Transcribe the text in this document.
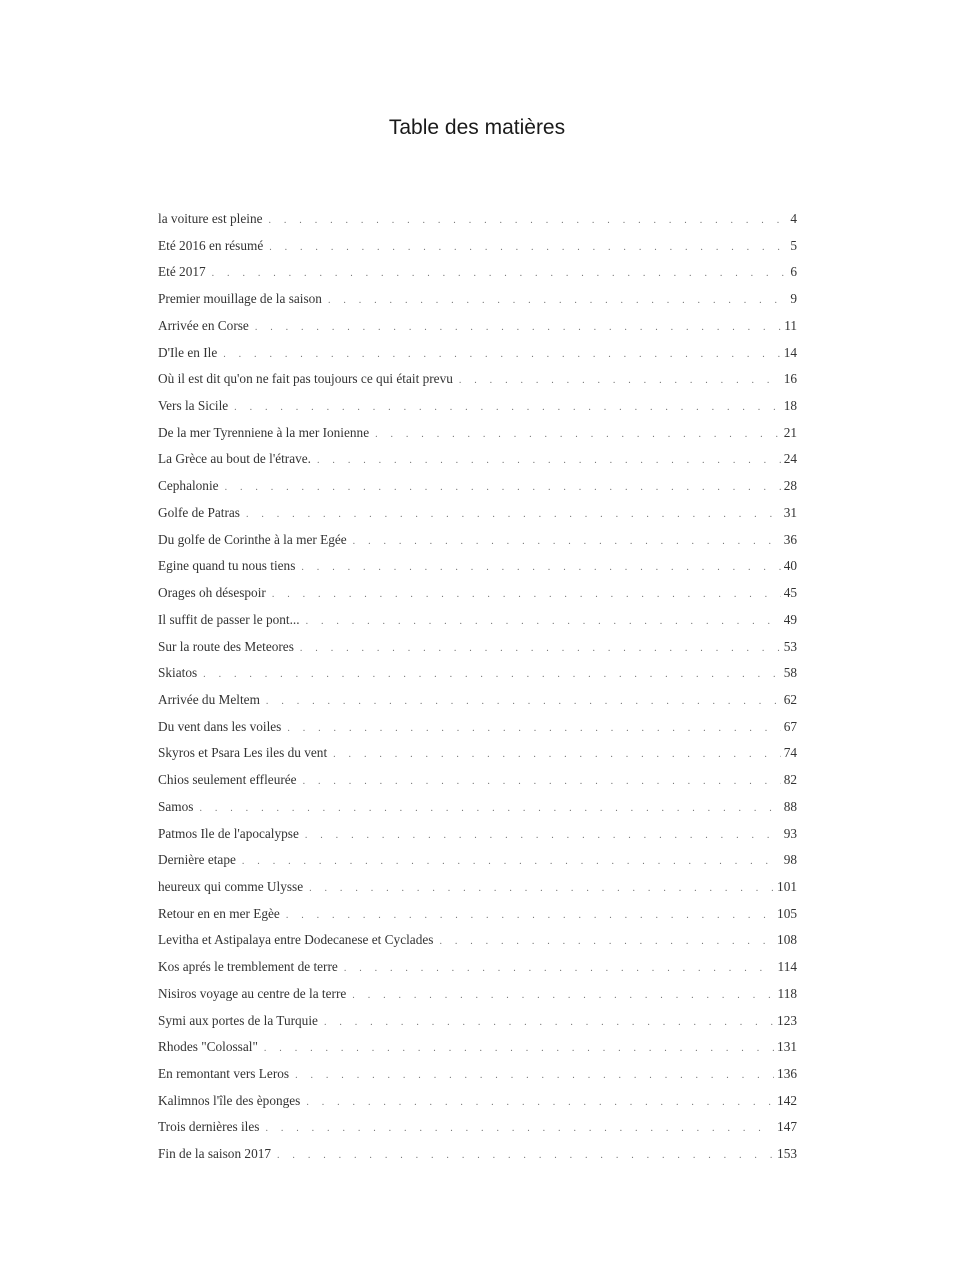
Table des matières
la voiture est pleine . . .	4
Eté 2016 en résumé . . .	5
Eté 2017 . . .	6
Premier mouillage de la saison . . .	9
Arrivée en Corse . . .	11
D'Ile en Ile . . .	14
Où il est dit qu'on ne fait pas toujours ce qui était prevu . . .	16
Vers la Sicile . . .	18
De la mer Tyrenniene à la mer Ionienne . . .	21
La Grèce au bout de l'étrave. . . .	24
Cephalonie . . .	28
Golfe de Patras . . .	31
Du golfe de Corinthe à la mer Egée . . .	36
Egine quand tu nous tiens . . .	40
Orages oh désespoir . . .	45
Il suffit de passer le pont... . . .	49
Sur la route des Meteores . . .	53
Skiatos . . .	58
Arrivée du Meltem . . .	62
Du vent dans les voiles . . .	67
Skyros et Psara Les iles du vent . . .	74
Chios seulement effleurée . . .	82
Samos . . .	88
Patmos Ile de l'apocalypse . . .	93
Dernière etape . . .	98
heureux qui comme Ulysse . . .	101
Retour en en mer Egèe . . .	105
Levitha et Astipalaya entre Dodecanese et Cyclades . . .	108
Kos aprés le tremblement de terre . . .	114
Nisiros voyage au centre de la terre . . .	118
Symi aux portes de la Turquie . . .	123
Rhodes "Colossal" . . .	131
En remontant vers Leros . . .	136
Kalimnos l'île des èponges . . .	142
Trois dernières iles . . .	147
Fin de la saison 2017 . . .	153
